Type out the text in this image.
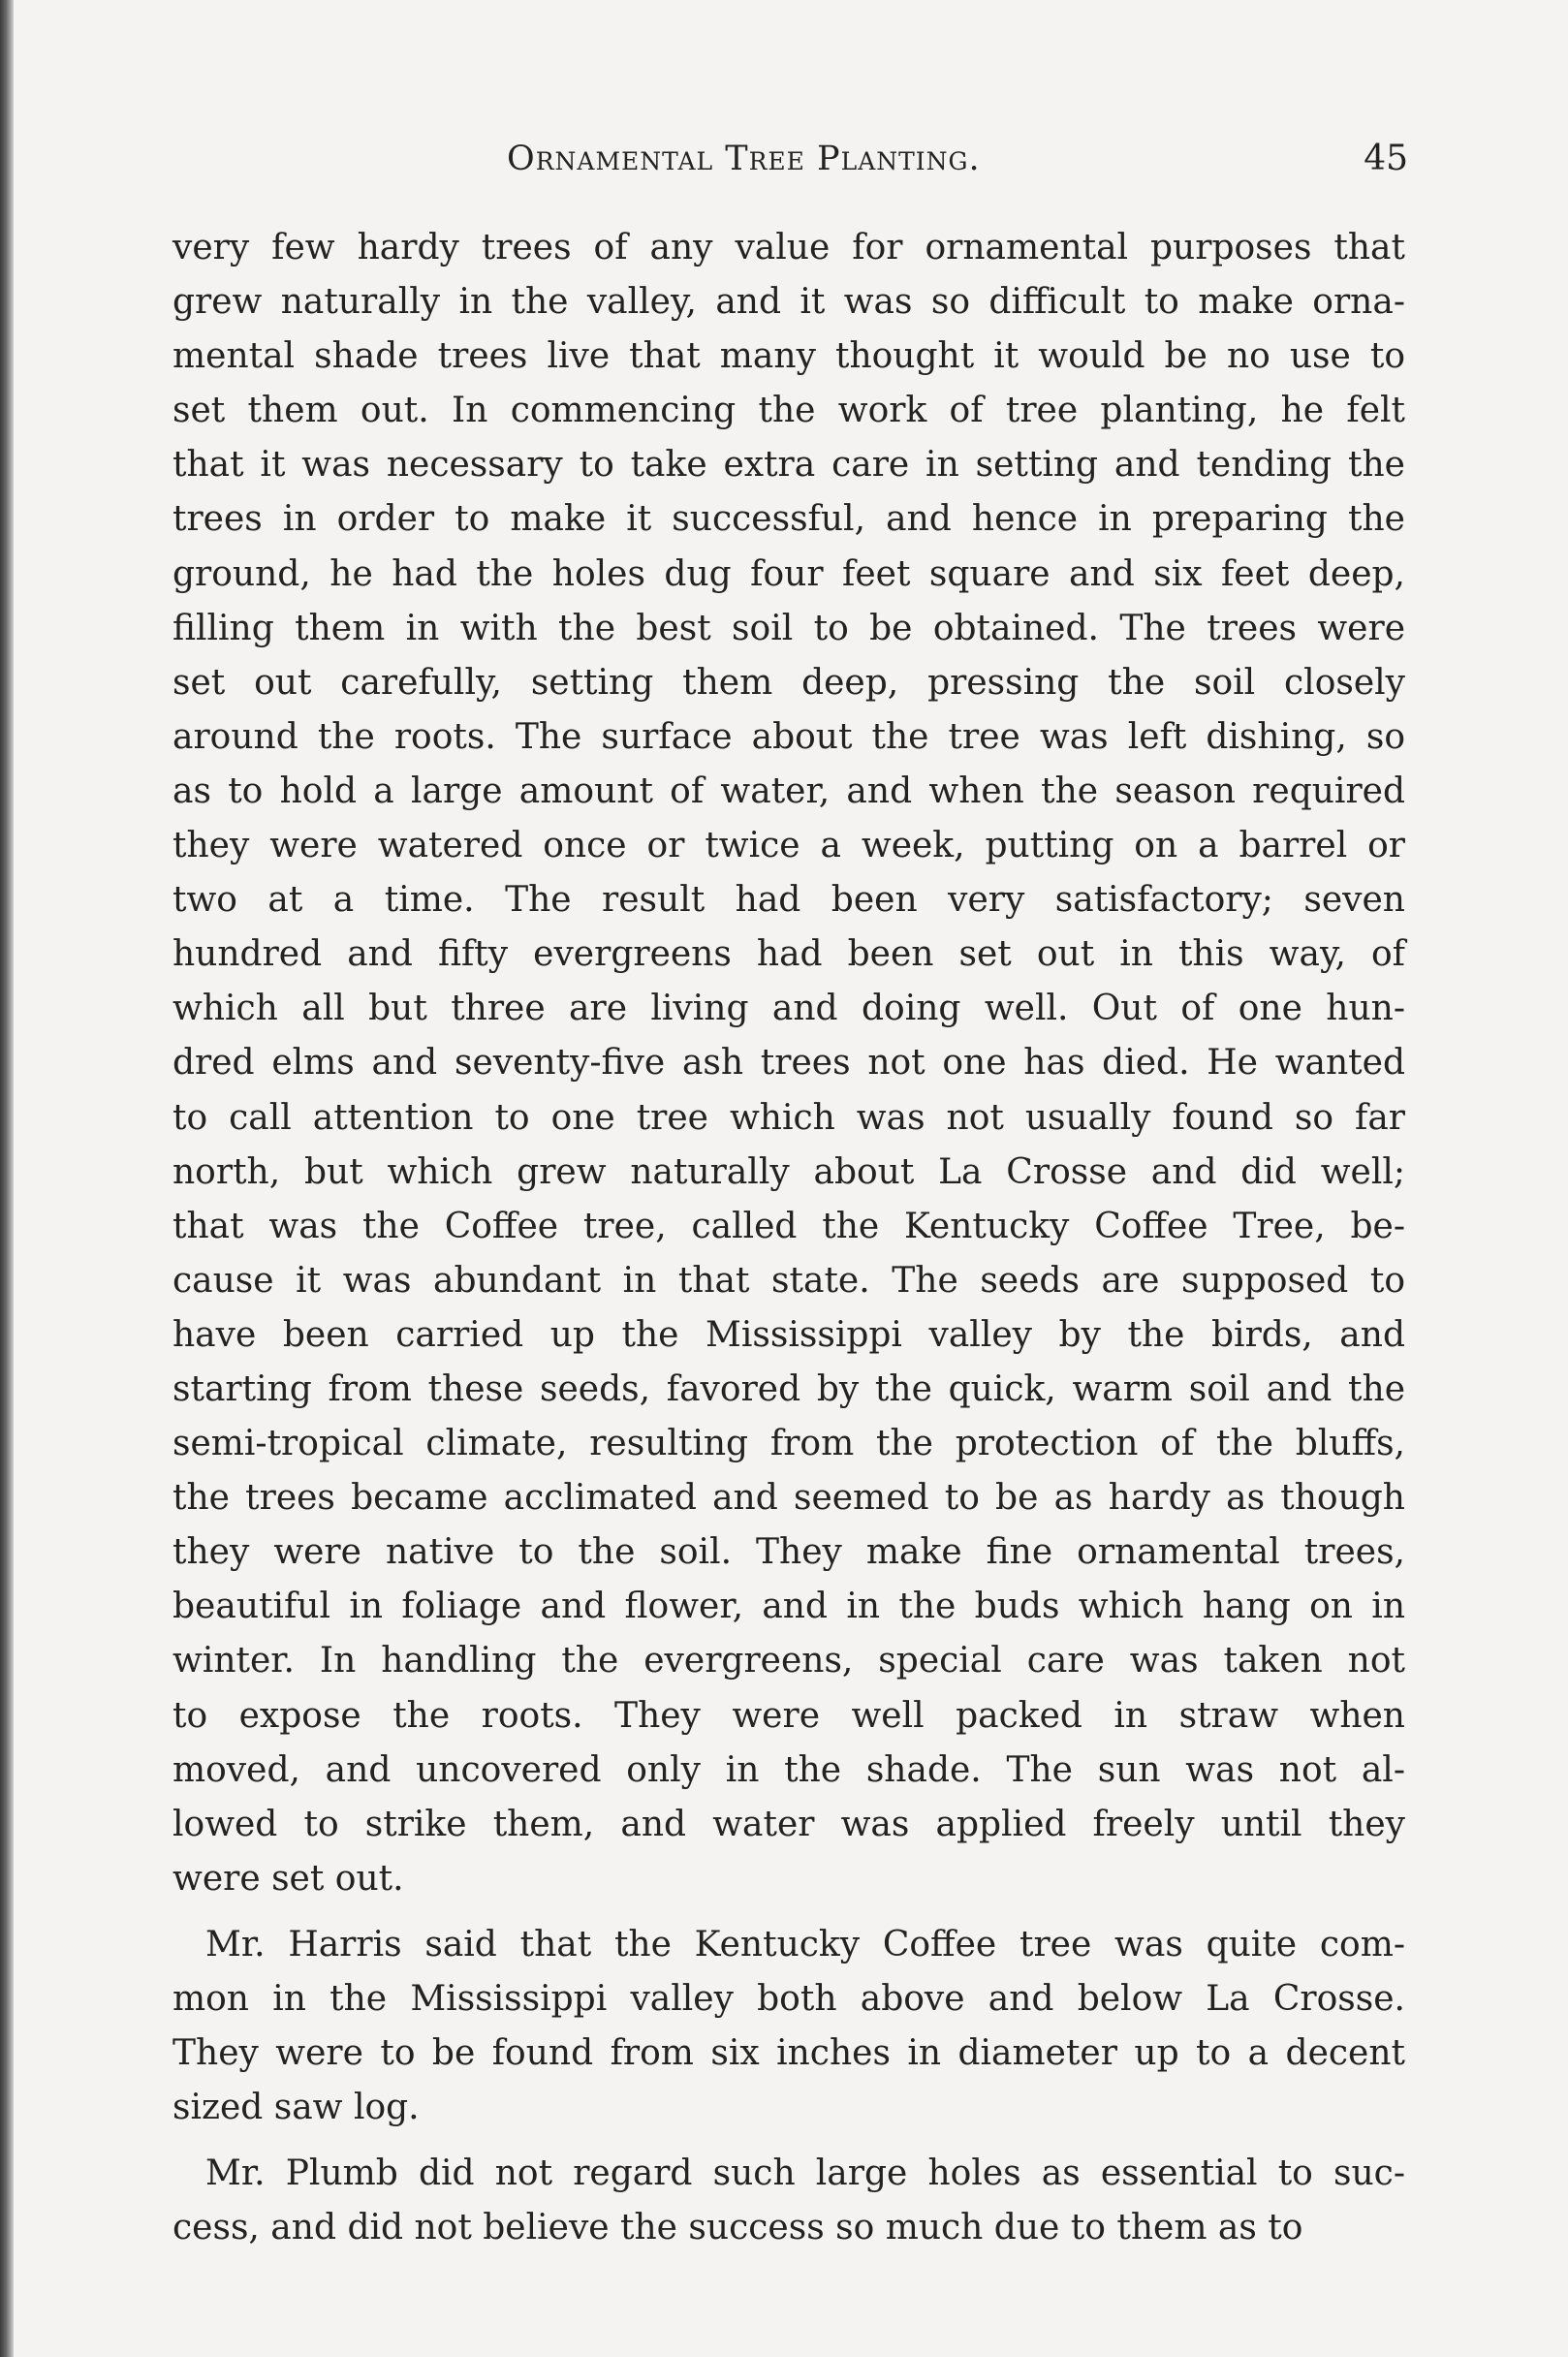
Ornamental Tree Planting.	45
very few hardy trees of any value for ornamental purposes that
grew naturally in the valley, and it was so difficult to make orna-
mental shade trees live that many thought it would be no use to
set them out. In commencing the work of tree planting, he felt
that it was necessary to take extra care in setting and tending the
trees in order to make it successful, and hence in preparing the
ground, he had the holes dug four feet square and six feet deep,
filling them in with the best soil to be obtained. The trees were
set out carefully, setting them deep, pressing the soil closely
around the roots. The surface about the tree was left dishing, so
as to hold a large amount of water, and when the season required
they were watered once or twice a week, putting on a barrel or
two at a time. The result had been very satisfactory; seven
hundred and fifty evergreens had been set out in this way, of
which all but three are living and doing well. Out of one hun-
dred elms and seventy-five ash trees not one has died. He wanted
to call attention to one tree which was not usually found so far
north, but which grew naturally about La Crosse and did well;
that was the Coffee tree, called the Kentucky Coffee Tree, be-
cause it was abundant in that state. The seeds are supposed to
have been carried up the Mississippi valley by the birds, and
starting from these seeds, favored by the quick, warm soil and the
semi-tropical climate, resulting from the protection of the bluffs,
the trees became acclimated and seemed to be as hardy as though
they were native to the soil. They make fine ornamental trees,
beautiful in foliage and flower, and in the buds which hang on in
winter. In handling the evergreens, special care was taken not
to expose the roots. They were well packed in straw when
moved, and uncovered only in the shade. The sun was not al-
lowed to strike them, and water was applied freely until they
were set out.
Mr. Harris said that the Kentucky Coffee tree was quite com-
mon in the Mississippi valley both above and below La Crosse.
They were to be found from six inches in diameter up to a decent
sized saw log.
Mr. Plumb did not regard such large holes as essential to suc-
cess, and did not believe the success so much due to them as to
